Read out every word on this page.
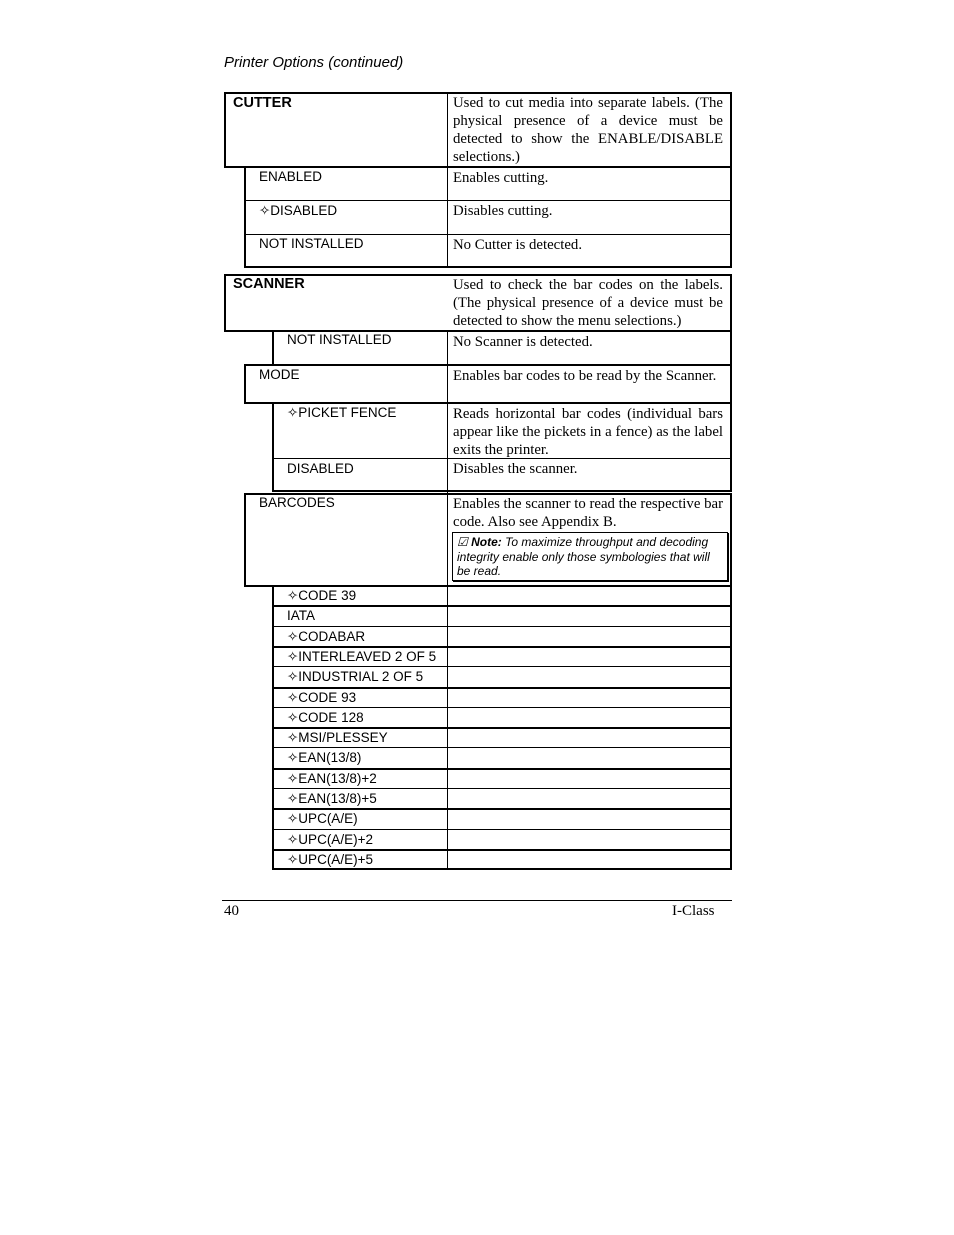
Printer Options (continued)
CUTTER	Used to cut media into separate labels. (The physical presence of a device must be detected to show the ENABLE/DISABLE selections.)
ENABLED	Enables cutting.
✧DISABLED	Disables cutting.
NOT INSTALLED	No Cutter is detected.
SCANNER	Used to check the bar codes on the labels. (The physical presence of a device must be detected to show the menu selections.)
NOT INSTALLED	No Scanner is detected.
MODE	Enables bar codes to be read by the Scanner.
✧PICKET FENCE	Reads horizontal bar codes (individual bars appear like the pickets in a fence) as the label exits the printer.
DISABLED	Disables the scanner.
BARCODES	Enables the scanner to read the respective bar code. Also see Appendix B.
☑ Note: To maximize throughput and decoding integrity enable only those symbologies that will be read.
✧CODE 39
IATA
✧CODABAR
✧INTERLEAVED 2 OF 5
✧INDUSTRIAL 2 OF 5
✧CODE 93
✧CODE 128
✧MSI/PLESSEY
✧EAN(13/8)
✧EAN(13/8)+2
✧EAN(13/8)+5
✧UPC(A/E)
✧UPC(A/E)+2
✧UPC(A/E)+5
40	I-Class
